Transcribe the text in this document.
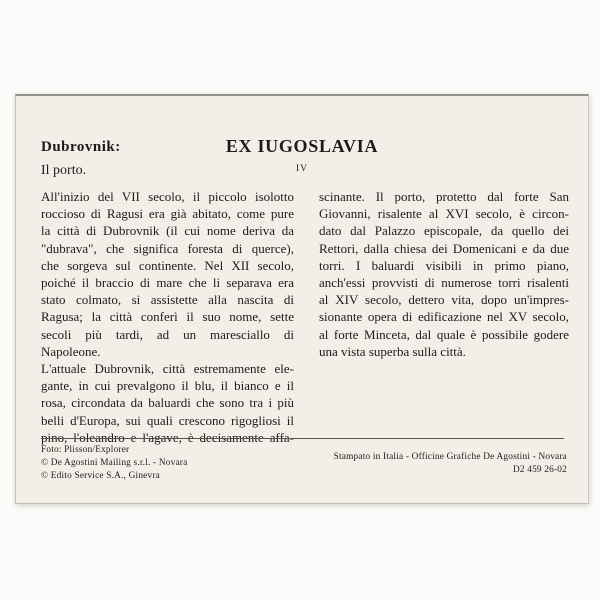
Dubrovnik:
Il porto.
EX IUGOSLAVIA
IV
All'inizio del VII secolo, il piccolo isolotto
roccioso di Ragusi era già abitato, come pure
la città di Dubrovnik (il cui nome deriva da
"dubrava", che significa foresta di querce),
che sorgeva sul continente. Nel XII secolo,
poiché il braccio di mare che li separava era
stato colmato, si assistette alla nascita di
Ragusa; la città conferì il suo nome, sette
secoli più tardi, ad un maresciallo di
Napoleone.
L'attuale Dubrovnik, città estremamente ele-
gante, in cui prevalgono il blu, il bianco e il
rosa, circondata da baluardi che sono tra i più
belli d'Europa, sui quali crescono rigogliosi il
pino, l'oleandro e l'agave, è decisamente affa-
scinante. Il porto, protetto dal forte San
Giovanni, risalente al XVI secolo, è circon-
dato dal Palazzo episcopale, da quello dei
Rettori, dalla chiesa dei Domenicani e da due
torri. I baluardi visibili in primo piano,
anch'essi provvisti di numerose torri risalenti
al XIV secolo, dettero vita, dopo un'impres-
sionante opera di edificazione nel XV secolo,
al forte Minceta, dal quale è possibile godere
una vista superba sulla città.
Foto: Plisson/Explorer
© De Agostini Mailing s.r.l. - Novara
© Edito Service S.A., Ginevra
Stampato in Italia - Officine Grafiche De Agostini - Novara
D2 459 26-02
